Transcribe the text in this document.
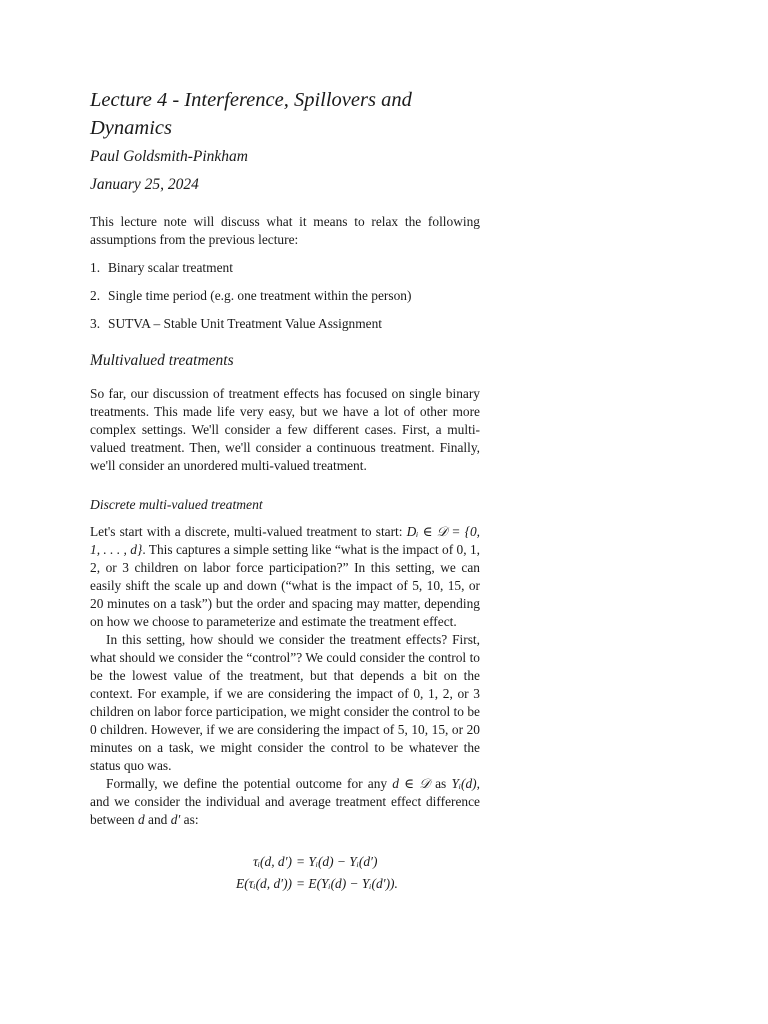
Lecture 4 - Interference, Spillovers and Dynamics
Paul Goldsmith-Pinkham
January 25, 2024

This lecture note will discuss what it means to relax the following assumptions from the previous lecture:

1. Binary scalar treatment
2. Single time period (e.g. one treatment within the person)
3. SUTVA – Stable Unit Treatment Value Assignment
Multivalued treatments

So far, our discussion of treatment effects has focused on single binary treatments. This made life very easy, but we have a lot of other more complex settings. We'll consider a few different cases. First, a multi-valued treatment. Then, we'll consider a continuous treatment. Finally, we'll consider an unordered multi-valued treatment.

Discrete multi-valued treatment

Let's start with a discrete, multi-valued treatment to start: Dᵢ ∈ 𝒟 = {0, 1, . . . , d}. This captures a simple setting like “what is the impact of 0, 1, 2, or 3 children on labor force participation?” In this setting, we can easily shift the scale up and down (“what is the impact of 5, 10, 15, or 20 minutes on a task”) but the order and spacing may matter, depending on how we choose to parameterize and estimate the treatment effect.

In this setting, how should we consider the treatment effects? First, what should we consider the “control”? We could consider the control to be the lowest value of the treatment, but that depends a bit on the context. For example, if we are considering the impact of 0, 1, 2, or 3 children on labor force participation, we might consider the control to be 0 children. However, if we are considering the impact of 5, 10, 15, or 20 minutes on a task, we might consider the control to be whatever the status quo was.

Formally, we define the potential outcome for any d ∈ 𝒟 as Yᵢ(d), and we consider the individual and average treatment effect difference between d and d′ as:

τᵢ(d, d′) = Yᵢ(d) − Yᵢ(d′)
E(τᵢ(d, d′)) = E(Yᵢ(d) − Yᵢ(d′)).
